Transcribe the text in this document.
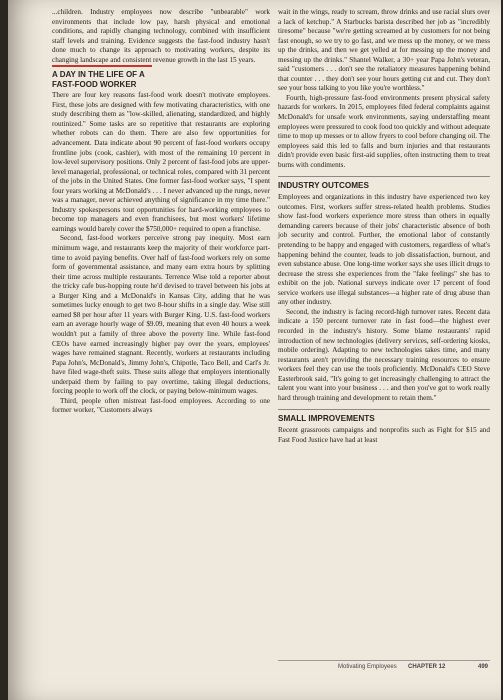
...children. Industry employees now describe "unbearable" work environments that include low pay, harsh physical and emotional conditions, and rapidly changing technology, combined with insufficient staff levels and training. Evidence suggests the fast-food industry hasn't done much to change its approach to motivating workers, despite its changing landscape and consistent revenue growth in the last 15 years.

A DAY IN THE LIFE OF A FAST-FOOD WORKER

There are four key reasons fast-food work doesn't motivate employees. First, these jobs are designed with few motivating characteristics, with one study describing them as "low-skilled, alienating, standardized, and highly routinized." Some tasks are so repetitive that restaurants are exploring whether robots can do them. There are also few opportunities for advancement. Data indicate about 90 percent of fast-food workers occupy frontline jobs (cook, cashier), with most of the remaining 10 percent in low-level supervisory positions. Only 2 percent of fast-food jobs are upper-level managerial, professional, or technical roles, compared with 31 percent of the jobs in the United States. One former fast-food worker says, "I spent four years working at McDonald's . . . I never advanced up the rungs, never was a manager, never achieved anything of significance in my time there." Industry spokespersons tout opportunities for hard-working employees to become top managers and even franchisees, but most workers' lifetime earnings would barely cover the $750,000+ required to open a franchise.

Second, fast-food workers perceive strong pay inequity. Most earn minimum wage, and restaurants keep the majority of their workforce part-time to avoid paying benefits. Over half of fast-food workers rely on some form of governmental assistance, and many earn extra hours by splitting their time across multiple restaurants. Terrence Wise told a reporter about the tricky cafe bus-hopping route he'd devised to travel between his jobs at a Burger King and a McDonald's in Kansas City, adding that he was sometimes lucky enough to get two 8-hour shifts in a single day. Wise still earned $8 per hour after 11 years with Burger King. U.S. fast-food workers earn an average hourly wage of $9.09, meaning that even 40 hours a week wouldn't put a family of three above the poverty line. While fast-food CEOs have earned increasingly higher pay over the years, employees' wages have remained stagnant. Recently, workers at restaurants including Papa John's, McDonald's, Jimmy John's, Chipotle, Taco Bell, and Carl's Jr. have filed wage-theft suits. These suits allege that employers intentionally underpaid them by failing to pay overtime, taking illegal deductions, forcing people to work off the clock, or paying below-minimum wages.

Third, people often mistreat fast-food employees. According to one former worker, "Customers always

wait in the wings, ready to scream, throw drinks and use racial slurs over a lack of ketchup." A Starbucks barista described her job as "incredibly tiresome" because "we're getting screamed at by customers for not being fast enough, so we try to go fast, and we mess up the money, or we mess up the drinks, and then we get yelled at for messing up the money and messing up the drinks." Shantel Walker, a 30+ year Papa John's veteran, said "customers . . . don't see the retaliatory measures happening behind that counter . . . they don't see your hours getting cut and cut. They don't see your boss talking to you like you're worthless."

Fourth, high-pressure fast-food environments present physical safety hazards for workers. In 2015, employees filed federal complaints against McDonald's for unsafe work environments, saying understaffing meant employees were pressured to cook food too quickly and without adequate time to mop up messes or to allow fryers to cool before changing oil. The employees said this led to falls and burn injuries and that restaurants didn't provide even basic first-aid supplies, often instructing them to treat burns with condiments.

INDUSTRY OUTCOMES

Employees and organizations in this industry have experienced two key outcomes. First, workers suffer stress-related health problems. Studies show fast-food workers experience more stress than others in equally demanding careers because of their jobs' characteristic absence of both job security and control. Further, the emotional labor of constantly pretending to be happy and engaged with customers, regardless of what's happening behind the counter, leads to job dissatisfaction, burnout, and even substance abuse. One long-time worker says she uses illicit drugs to decrease the stress she experiences from the "fake feelings" she has to exhibit on the job. National surveys indicate over 17 percent of food service workers use illegal substances—a higher rate of drug abuse than any other industry.

Second, the industry is facing record-high turnover rates. Recent data indicate a 150 percent turnover rate in fast food—the highest ever recorded in the industry's history. Some blame restaurants' rapid introduction of new technologies (delivery services, self-ordering kiosks, mobile ordering). Adapting to new technologies takes time, and many restaurants aren't providing the necessary training resources to ensure workers feel they can use the tools proficiently. McDonald's CEO Steve Easterbrook said, "It's going to get increasingly challenging to attract the talent you want into your business . . . and then you've got to work really hard through training and development to retain them."

SMALL IMPROVEMENTS

Recent grassroots campaigns and nonprofits such as Fight for $15 and Fast Food Justice have had at least

Motivating Employees CHAPTER 12	499
